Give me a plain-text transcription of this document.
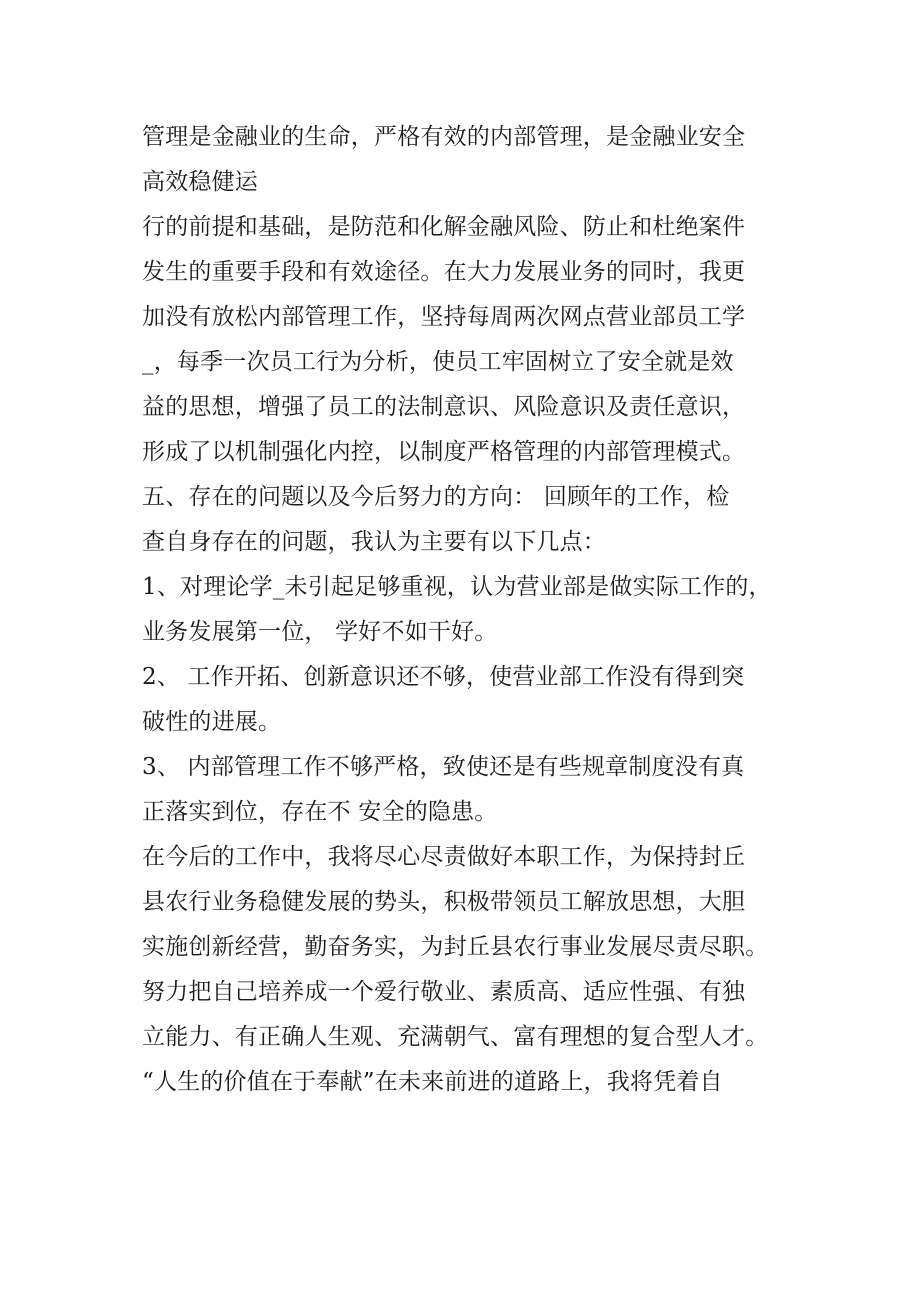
管理是金融业的生命，严格有效的内部管理，是金融业安全
高效稳健运
行的前提和基础，是防范和化解金融风险、防止和杜绝案件
发生的重要手段和有效途径。在大力发展业务的同时，我更
加没有放松内部管理工作，坚持每周两次网点营业部员工学
_，每季一次员工行为分析，使员工牢固树立了安全就是效
益的思想，增强了员工的法制意识、风险意识及责任意识，
形成了以机制强化内控，以制度严格管理的内部管理模式。
五、存在的问题以及今后努力的方向： 回顾年的工作，检
查自身存在的问题，我认为主要有以下几点：
1、对理论学_未引起足够重视，认为营业部是做实际工作的，
业务发展第一位， 学好不如干好。
2、 工作开拓、创新意识还不够，使营业部工作没有得到突
破性的进展。
3、 内部管理工作不够严格，致使还是有些规章制度没有真
正落实到位，存在不 安全的隐患。
在今后的工作中，我将尽心尽责做好本职工作，为保持封丘
县农行业务稳健发展的势头，积极带领员工解放思想，大胆
实施创新经营，勤奋务实，为封丘县农行事业发展尽责尽职。
努力把自己培养成一个爱行敬业、素质高、适应性强、有独
立能力、有正确人生观、充满朝气、富有理想的复合型人才。
“人生的价值在于奉献”在未来前进的道路上，我将凭着自
